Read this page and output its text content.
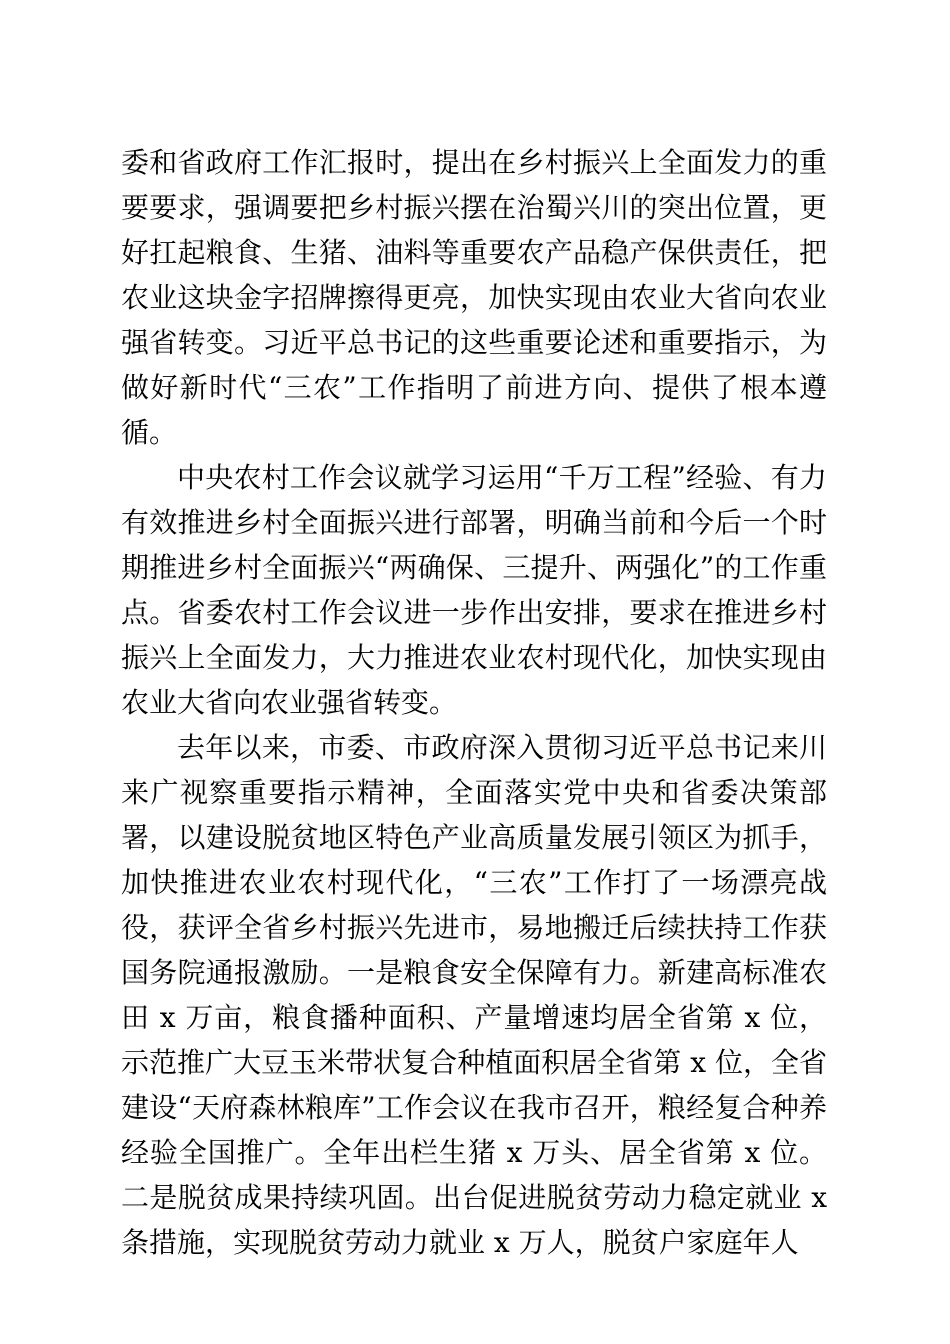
委和省政府工作汇报时，提出在乡村振兴上全面发力的重要要求，强调要把乡村振兴摆在治蜀兴川的突出位置，更好扛起粮食、生猪、油料等重要农产品稳产保供责任，把农业这块金字招牌擦得更亮，加快实现由农业大省向农业强省转变。习近平总书记的这些重要论述和重要指示，为做好新时代“三农”工作指明了前进方向、提供了根本遵循。

中央农村工作会议就学习运用“千万工程”经验、有力有效推进乡村全面振兴进行部署，明确当前和今后一个时期推进乡村全面振兴“两确保、三提升、两强化”的工作重点。省委农村工作会议进一步作出安排，要求在推进乡村振兴上全面发力，大力推进农业农村现代化，加快实现由农业大省向农业强省转变。

去年以来，市委、市政府深入贯彻习近平总书记来川来广视察重要指示精神，全面落实党中央和省委决策部署，以建设脱贫地区特色产业高质量发展引领区为抓手，加快推进农业农村现代化，“三农”工作打了一场漂亮战役，获评全省乡村振兴先进市，易地搬迁后续扶持工作获国务院通报激励。一是粮食安全保障有力。新建高标准农田 x 万亩，粮食播种面积、产量增速均居全省第 x 位，示范推广大豆玉米带状复合种植面积居全省第 x 位，全省建设“天府森林粮库”工作会议在我市召开，粮经复合种养经验全国推广。全年出栏生猪 x 万头、居全省第 x 位。二是脱贫成果持续巩固。出台促进脱贫劳动力稳定就业 x 条措施，实现脱贫劳动力就业 x 万人，脱贫户家庭年人
